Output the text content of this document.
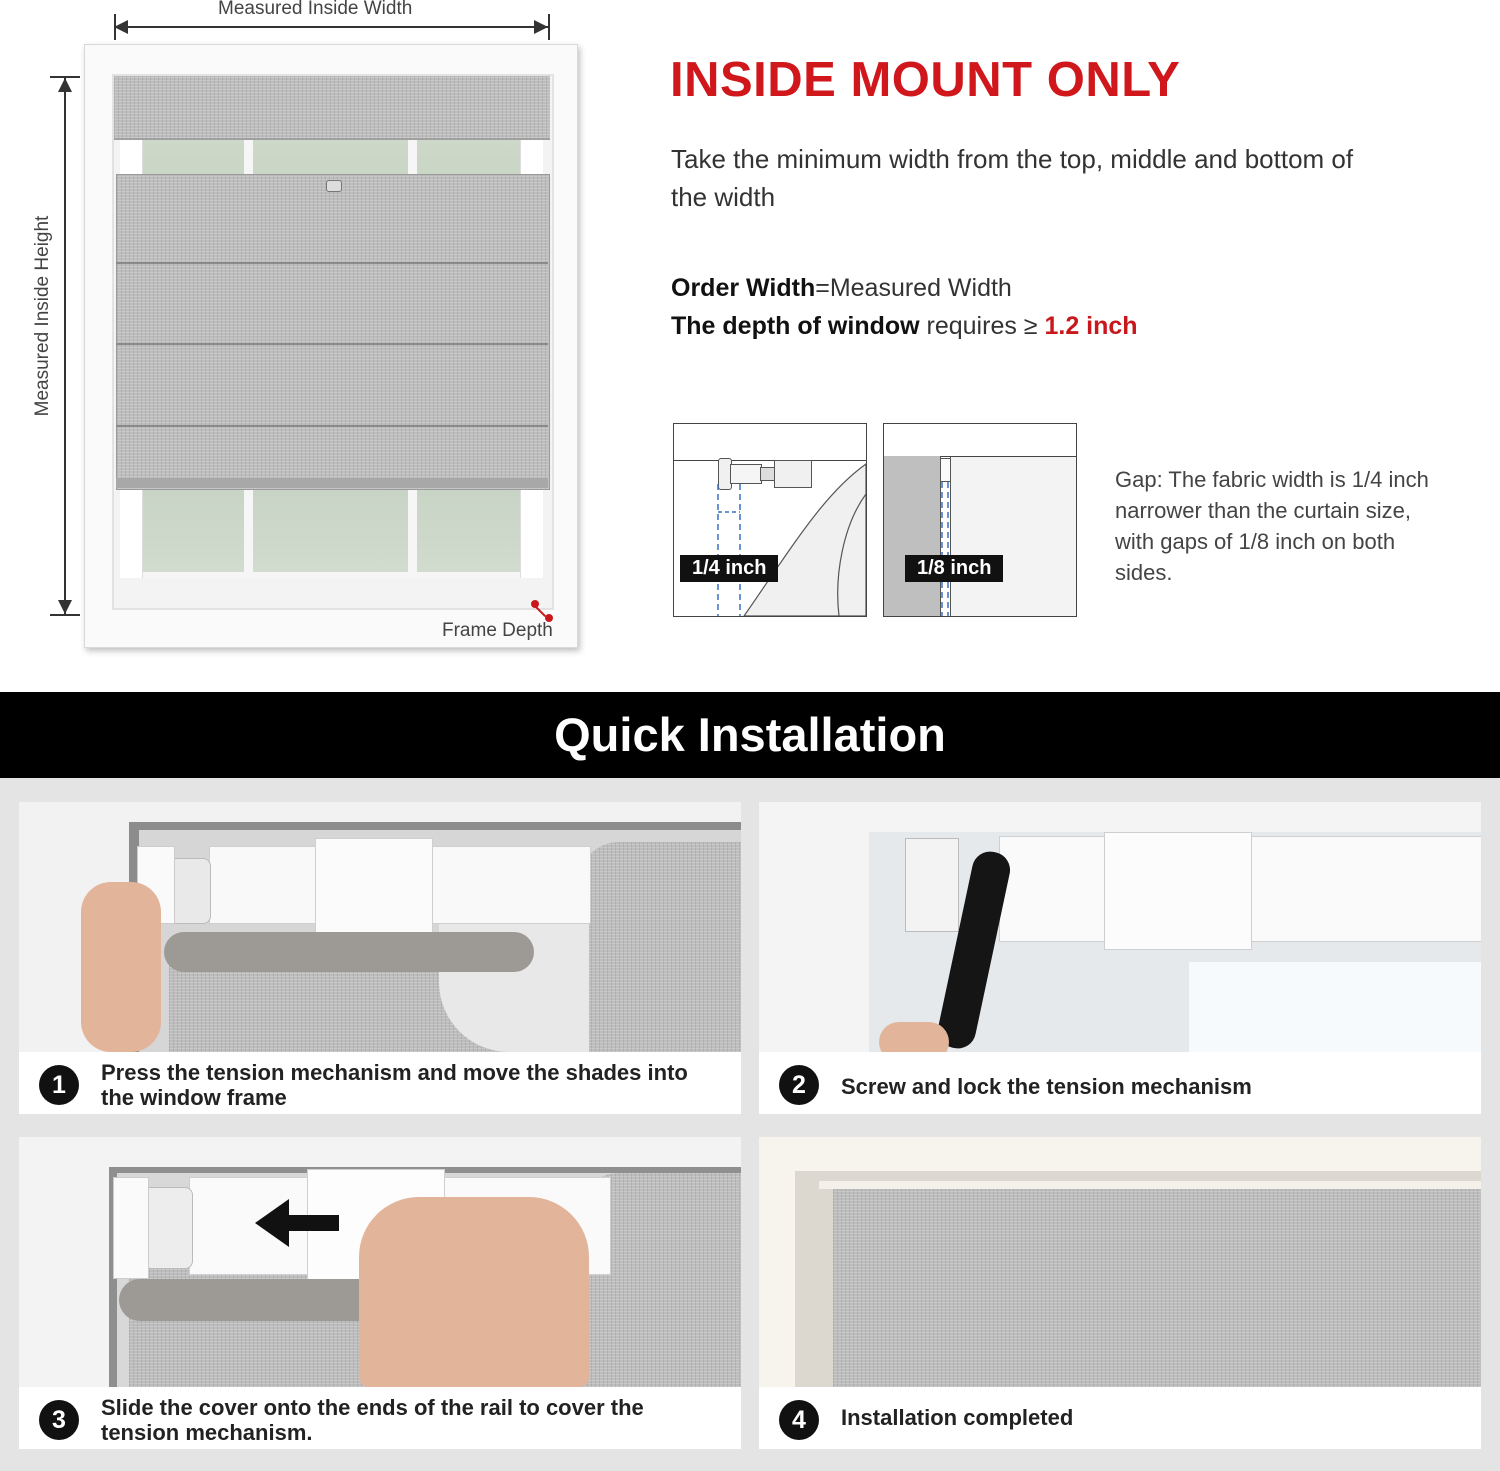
Measured Inside Width
Measured Inside Height
Frame Depth
INSIDE MOUNT ONLY
Take the minimum width from the top, middle and bottom of the width
Order Width=Measured Width
The depth of window requires ≥ 1.2 inch
1/4 inch	1/8 inch
Gap: The fabric width is 1/4 inch narrower than the curtain size, with gaps of 1/8 inch on both sides.
Quick Installation
1	Press the tension mechanism and move the shades into the window frame	2	Screw and lock the tension mechanism
3	Slide the cover onto the ends of the rail to cover the tension mechanism.	4	Installation completed
